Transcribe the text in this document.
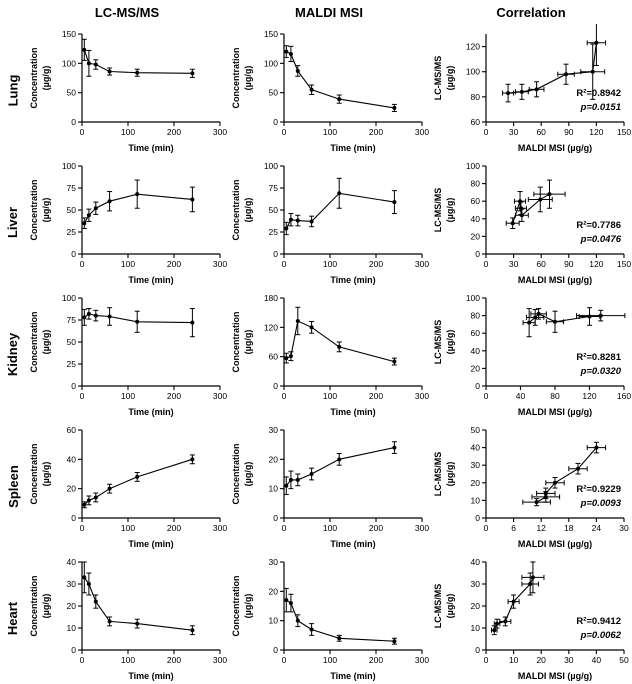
LC-MS/MS	MALDI MSI	Correlation
Lung
0	100	200	300
0
50
100
150
Time (min)
Concentration (µg/g)
0	100	200	300
0
50
100
150
Time (min)
Concentration (µg/g)
0 30 60 90 120 150
60
80
100
120
MALDI MSI (µg/g)
LC-MS/MS (µg/g)
R²=0.8942
p=0.0151
Liver
0	100	200	300
0
25
50
75
100
Time (min)
Concentration (µg/g)
0	100	200	300
0
25
50
75
100
Time (min)
Concentration (µg/g)
0 30 60 90 120 150
0
20
40
60
80
100
MALDI MSI (µg/g)
LC-MS/MS (µg/g)
R²=0.7786
p=0.0476
Kidney
0	100	200	300
0
25
50
75
100
Time (min)
Concentration (µg/g)
0	100	200	300
0
60
120
180
Time (min)
Concentration (µg/g)
0	40	80	120 160
0
20
40
60
80
100
MALDI MSI (µg/g)
LC-MS/MS (µg/g)
R²=0.8281
p=0.0320
Spleen
0	100	200	300
0
20
40
60
Time (min)
Concentration (µg/g)
0	100	200	300
0
10
20
30
Time (min)
Concentration (µg/g)
0	6 12 18 24 30
0
10
20
30
40
50
MALDI MSI (µg/g)
LC-MS/MS (µg/g)
R²=0.9229
p=0.0093
Heart
0	100	200	300
0
10
20
30
40
Time (min)
Concentration (µg/g)
0	100	200	300
0
10
20
30
Time (min)
Concentration (µg/g)
0 10 20 30 40 50
0
10
20
30
40
MALDI MSI (µg/g)
LC-MS/MS (µg/g)
R²=0.9412
p=0.0062
